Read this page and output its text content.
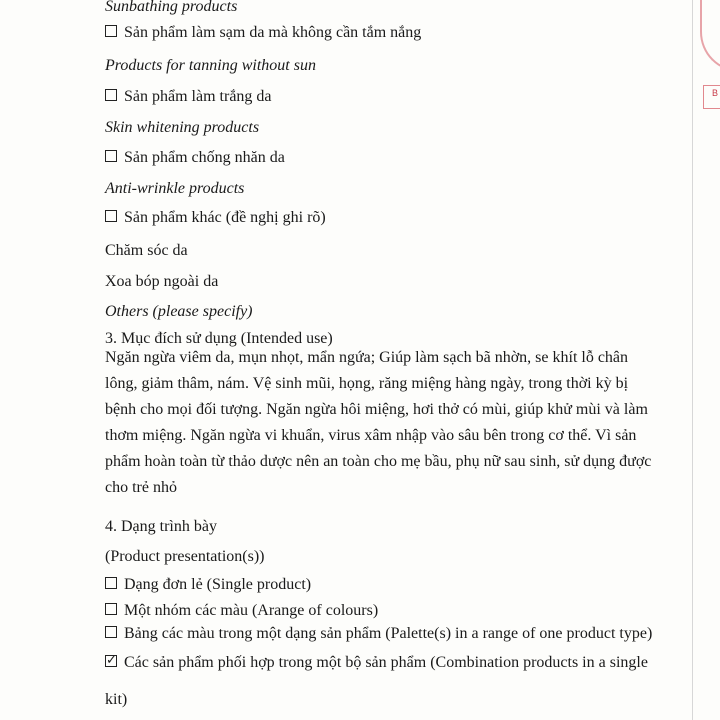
Sunbathing products
Sản phẩm làm sạm da mà không cần tắm nắng
Products for tanning without sun
Sản phẩm làm trắng da
Skin whitening products
Sản phẩm chống nhăn da
Anti-wrinkle products
Sản phẩm khác (đề nghị ghi rõ)
Chăm sóc da
Xoa bóp ngoài da
Others (please specify)
3. Mục đích sử dụng (Intended use)
Ngăn ngừa viêm da, mụn nhọt, mẩn ngứa; Giúp làm sạch bã nhờn, se khít lỗ chân
lông, giảm thâm, nám. Vệ sinh mũi, họng, răng miệng hàng ngày, trong thời kỳ bị
bệnh cho mọi đối tượng. Ngăn ngừa hôi miệng, hơi thở có mùi, giúp khử mùi và làm
thơm miệng. Ngăn ngừa vi khuẩn, virus xâm nhập vào sâu bên trong cơ thể. Vì sản
phẩm hoàn toàn từ thảo dược nên an toàn cho mẹ bầu, phụ nữ sau sinh, sử dụng được
cho trẻ nhỏ
4. Dạng trình bày
(Product presentation(s))
Dạng đơn lẻ (Single product)
Một nhóm các màu (Arange of colours)
Bảng các màu trong một dạng sản phẩm (Palette(s) in a range of one product type)
✓Các sản phẩm phối hợp trong một bộ sản phẩm (Combination products in a single
kit)
B
